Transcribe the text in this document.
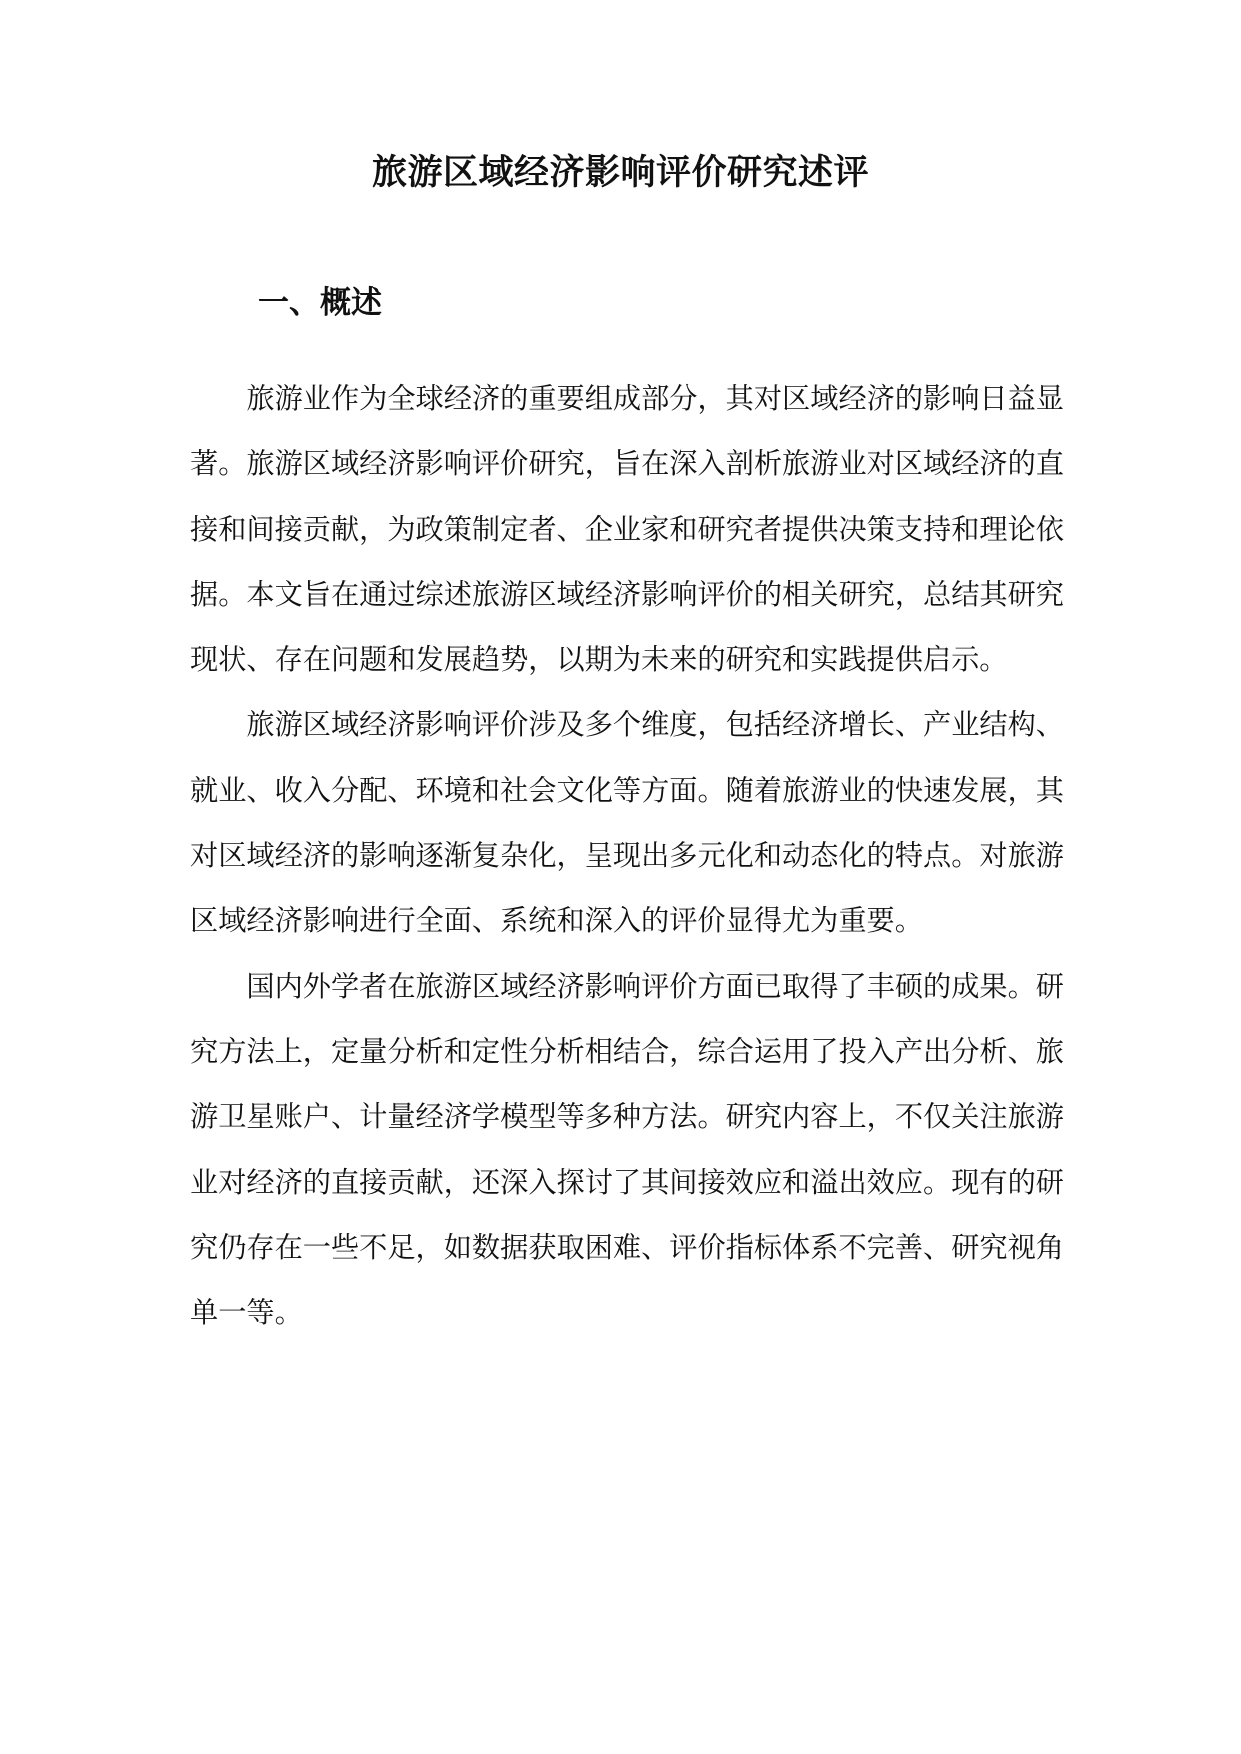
旅游区域经济影响评价研究述评
一、概述

旅游业作为全球经济的重要组成部分，其对区域经济的影响日益显著。旅游区域经济影响评价研究，旨在深入剖析旅游业对区域经济的直接和间接贡献，为政策制定者、企业家和研究者提供决策支持和理论依据。本文旨在通过综述旅游区域经济影响评价的相关研究，总结其研究现状、存在问题和发展趋势，以期为未来的研究和实践提供启示。

旅游区域经济影响评价涉及多个维度，包括经济增长、产业结构、就业、收入分配、环境和社会文化等方面。随着旅游业的快速发展，其对区域经济的影响逐渐复杂化，呈现出多元化和动态化的特点。对旅游区域经济影响进行全面、系统和深入的评价显得尤为重要。

国内外学者在旅游区域经济影响评价方面已取得了丰硕的成果。研究方法上，定量分析和定性分析相结合，综合运用了投入产出分析、旅游卫星账户、计量经济学模型等多种方法。研究内容上，不仅关注旅游业对经济的直接贡献，还深入探讨了其间接效应和溢出效应。现有的研究仍存在一些不足，如数据获取困难、评价指标体系不完善、研究视角单一等。
